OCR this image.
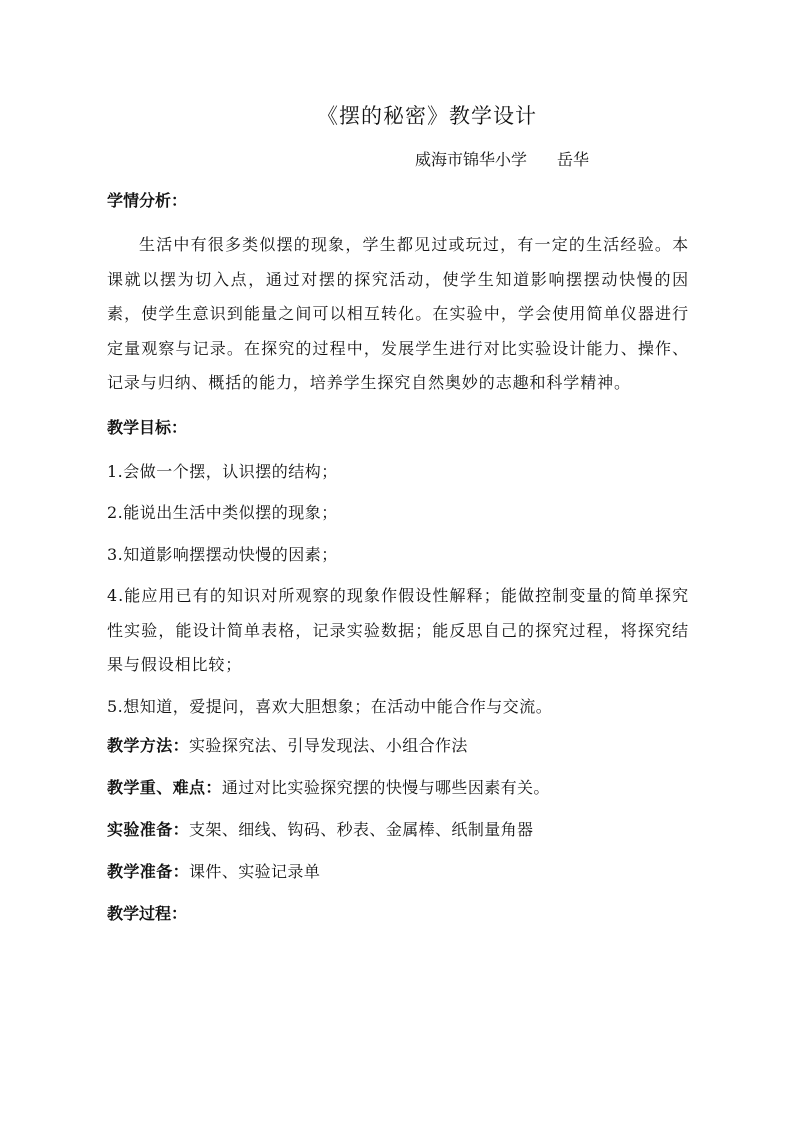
《摆的秘密》教学设计
威海市锦华小学 岳华
学情分析：
生活中有很多类似摆的现象，学生都见过或玩过，有一定的生活经验。本课就以摆为切入点，通过对摆的探究活动，使学生知道影响摆摆动快慢的因素，使学生意识到能量之间可以相互转化。在实验中，学会使用简单仪器进行定量观察与记录。在探究的过程中，发展学生进行对比实验设计能力、操作、记录与归纳、概括的能力，培养学生探究自然奥妙的志趣和科学精神。
教学目标：
1.会做一个摆，认识摆的结构；
2.能说出生活中类似摆的现象；
3.知道影响摆摆动快慢的因素；
4.能应用已有的知识对所观察的现象作假设性解释；能做控制变量的简单探究性实验，能设计简单表格，记录实验数据；能反思自己的探究过程，将探究结果与假设相比较；
5.想知道，爱提问，喜欢大胆想象；在活动中能合作与交流。
教学方法：实验探究法、引导发现法、小组合作法
教学重、难点：通过对比实验探究摆的快慢与哪些因素有关。
实验准备：支架、细线、钩码、秒表、金属棒、纸制量角器
教学准备：课件、实验记录单
教学过程：
